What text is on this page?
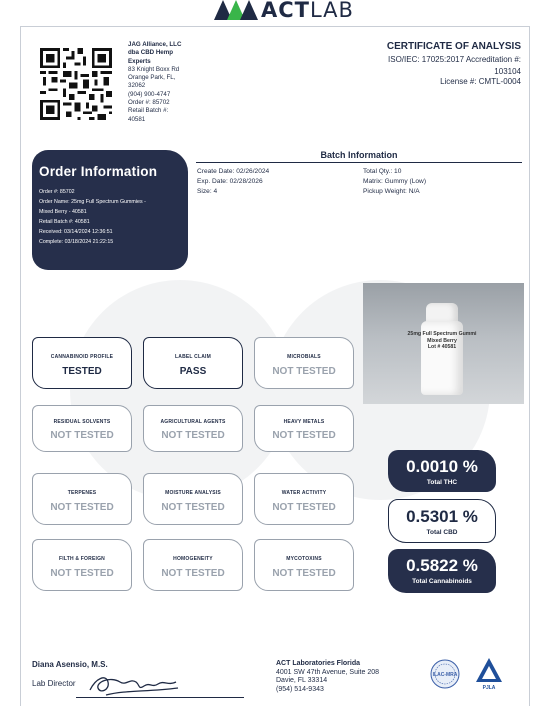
ACTLAB
JAG Alliance, LLC
dba CBD Hemp
Experts
83 Knight Boxx Rd
Orange Park, FL,
32062
(904) 900-4747
Order #: 85702
Retail Batch #:
40581
CERTIFICATE OF ANALYSIS
ISO/IEC: 17025:2017 Accreditation #: 103104
License #: CMTL-0004
Order Information
Order #: 85702
Order Name: 25mg Full Spectrum Gummies -
Mixed Berry - 40581
Retail Batch #: 40581
Received: 03/14/2024 12:36:51
Complete: 03/18/2024 21:22:15
Batch Information
Create Date: 02/26/2024
Exp. Date: 02/28/2026
Size: 4
Total Qty.: 10
Matrix: Gummy (Low)
Pickup Weight: N/A
25mg Full Spectrum Gummi
Mixed Berry
Lot # 40581
CANNABINOID PROFILE
TESTED
LABEL CLAIM
PASS
MICROBIALS
NOT TESTED
RESIDUAL SOLVENTS
NOT TESTED
AGRICULTURAL AGENTS
NOT TESTED
HEAVY METALS
NOT TESTED
TERPENES
NOT TESTED
MOISTURE ANALYSIS
NOT TESTED
WATER ACTIVITY
NOT TESTED
FILTH & FOREIGN
NOT TESTED
HOMOGENEITY
NOT TESTED
MYCOTOXINS
NOT TESTED
0.0010 %
Total THC
0.5301 %
Total CBD
0.5822 %
Total Cannabinoids
Diana Asensio, M.S.
Lab Director
ACT Laboratories Florida
4001 SW 47th Avenue, Suite 208
Davie, FL 33314
(954) 514-9343
ILAC-MRA
PJLA
